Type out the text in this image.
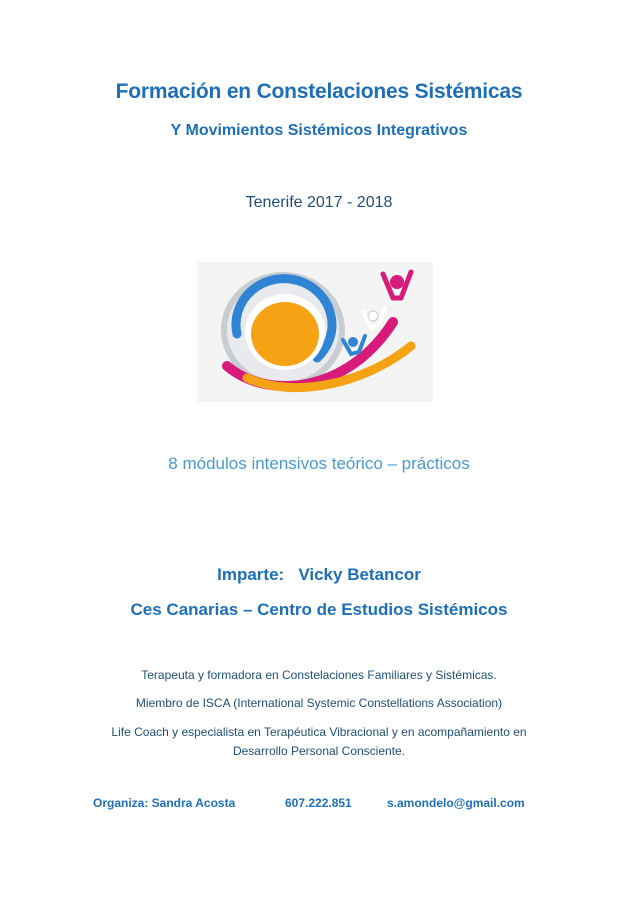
Formación en Constelaciones Sistémicas
Y Movimientos Sistémicos Integrativos
Tenerife 2017 - 2018
8 módulos intensivos teórico – prácticos
Imparte:   Vicky Betancor
Ces Canarias – Centro de Estudios Sistémicos
Terapeuta y formadora en Constelaciones Familiares y Sistémicas.
Miembro de ISCA (International Systemic Constellations Association)
Life Coach y especialista en Terapéutica Vibracional y en acompañamiento en
Desarrollo Personal Consciente.
Organiza: Sandra Acosta	607.222.851	s.amondelo@gmail.com
